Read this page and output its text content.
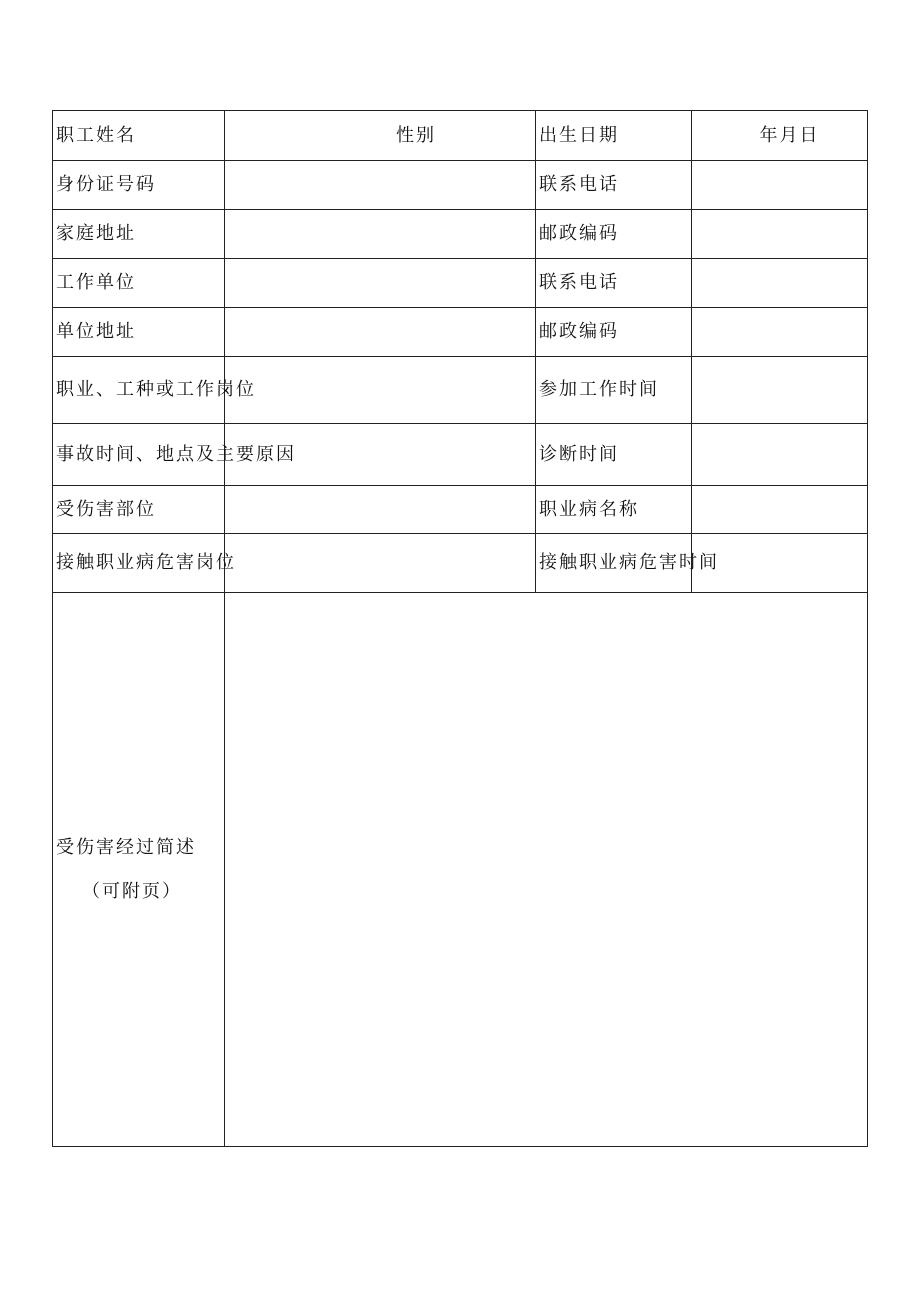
职工姓名	性别	出生日期	年月日

身份证号码		联系电话	
家庭地址		邮政编码	
工作单位		联系电话	
单位地址		邮政编码	
职业、工种或工作岗位		参加工作时间	
事故时间、地点及主要原因		诊断时间	
受伤害部位		职业病名称	
接触职业病危害岗位		接触职业病危害时间	

受伤害经过简述
（可附页）			
